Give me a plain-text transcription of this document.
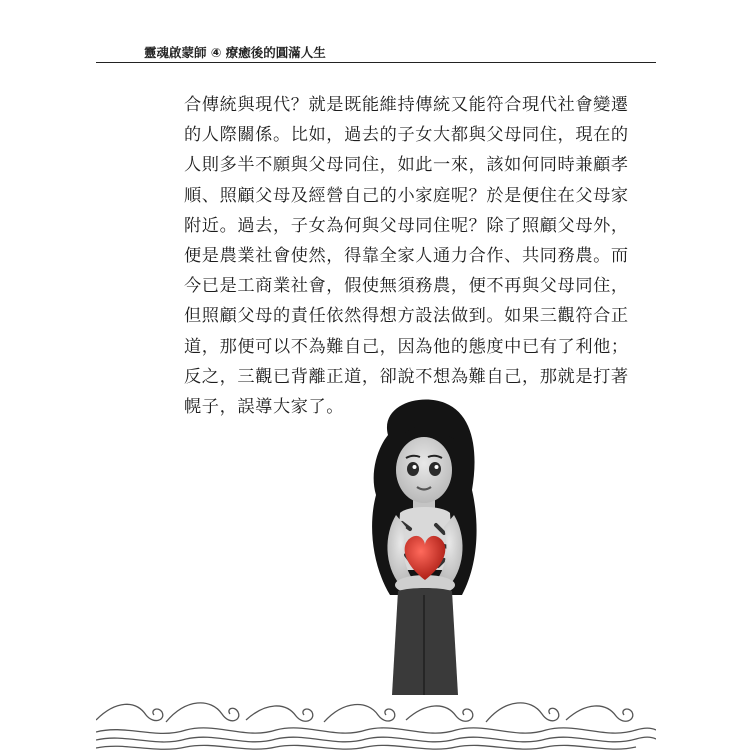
靈魂啟蒙師 ④ 療癒後的圓滿人生
合傳統與現代？就是既能維持傳統又能符合現代社會變遷
的人際關係。比如，過去的子女大都與父母同住，現在的
人則多半不願與父母同住，如此一來，該如何同時兼顧孝
順、照顧父母及經營自己的小家庭呢？於是便住在父母家
附近。過去，子女為何與父母同住呢？除了照顧父母外，
便是農業社會使然，得靠全家人通力合作、共同務農。而
今已是工商業社會，假使無須務農，便不再與父母同住，
但照顧父母的責任依然得想方設法做到。如果三觀符合正
道，那便可以不為難自己，因為他的態度中已有了利他；
反之，三觀已背離正道，卻說不想為難自己，那就是打著
幌子，誤導大家了。
